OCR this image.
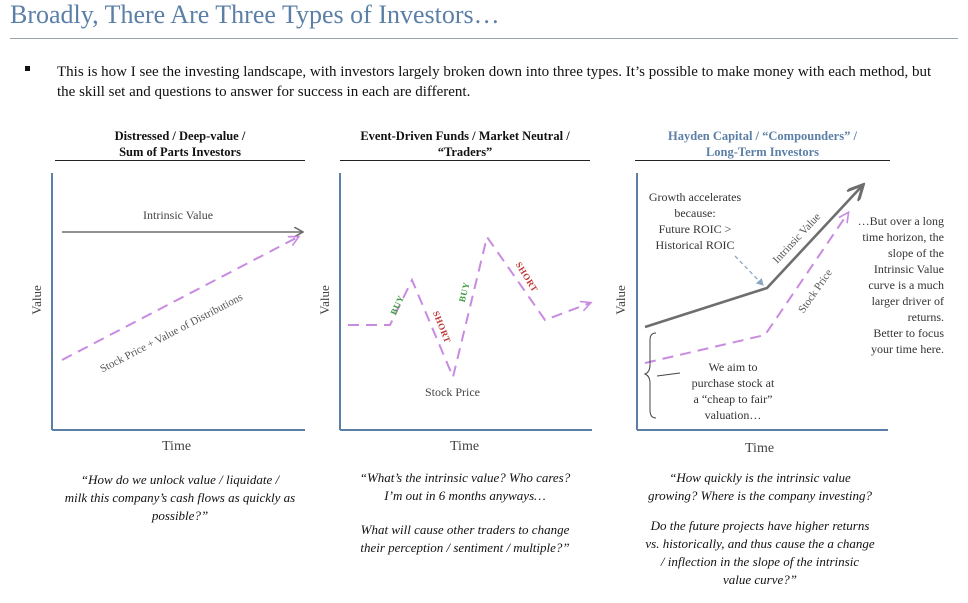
Broadly, There Are Three Types of Investors…
This is how I see the investing landscape, with investors largely broken down into three types. It’s possible to make money with each method, but the skill set and questions to answer for success in each are different.
Distressed / Deep-value /
Sum of Parts Investors
Event-Driven Funds / Market Neutral /
“Traders”
Hayden Capital / “Compounders” /
Long-Term Investors
Value
Time
Value
Time
Value
Time
Intrinsic Value
Stock Price + Value of Distributions
Stock Price
BUY
SHORT
BUY	SHORT
Intrinsic Value
Stock Price
Growth accelerates
because:
Future ROIC >
Historical ROIC
We aim to
purchase stock at
a “cheap to fair”
valuation…
…But over a long
time horizon, the
slope of the
Intrinsic Value
curve is a much
larger driver of
returns.
Better to focus
your time here.
“How do we unlock value / liquidate /
milk this company’s cash flows as quickly as
possible?”
“What’s the intrinsic value? Who cares?
I’m out in 6 months anyways…
What will cause other traders to change
their perception / sentiment / multiple?”
“How quickly is the intrinsic value
growing? Where is the company investing?
Do the future projects have higher returns
vs. historically, and thus cause the a change
/ inflection in the slope of the intrinsic
value curve?”
